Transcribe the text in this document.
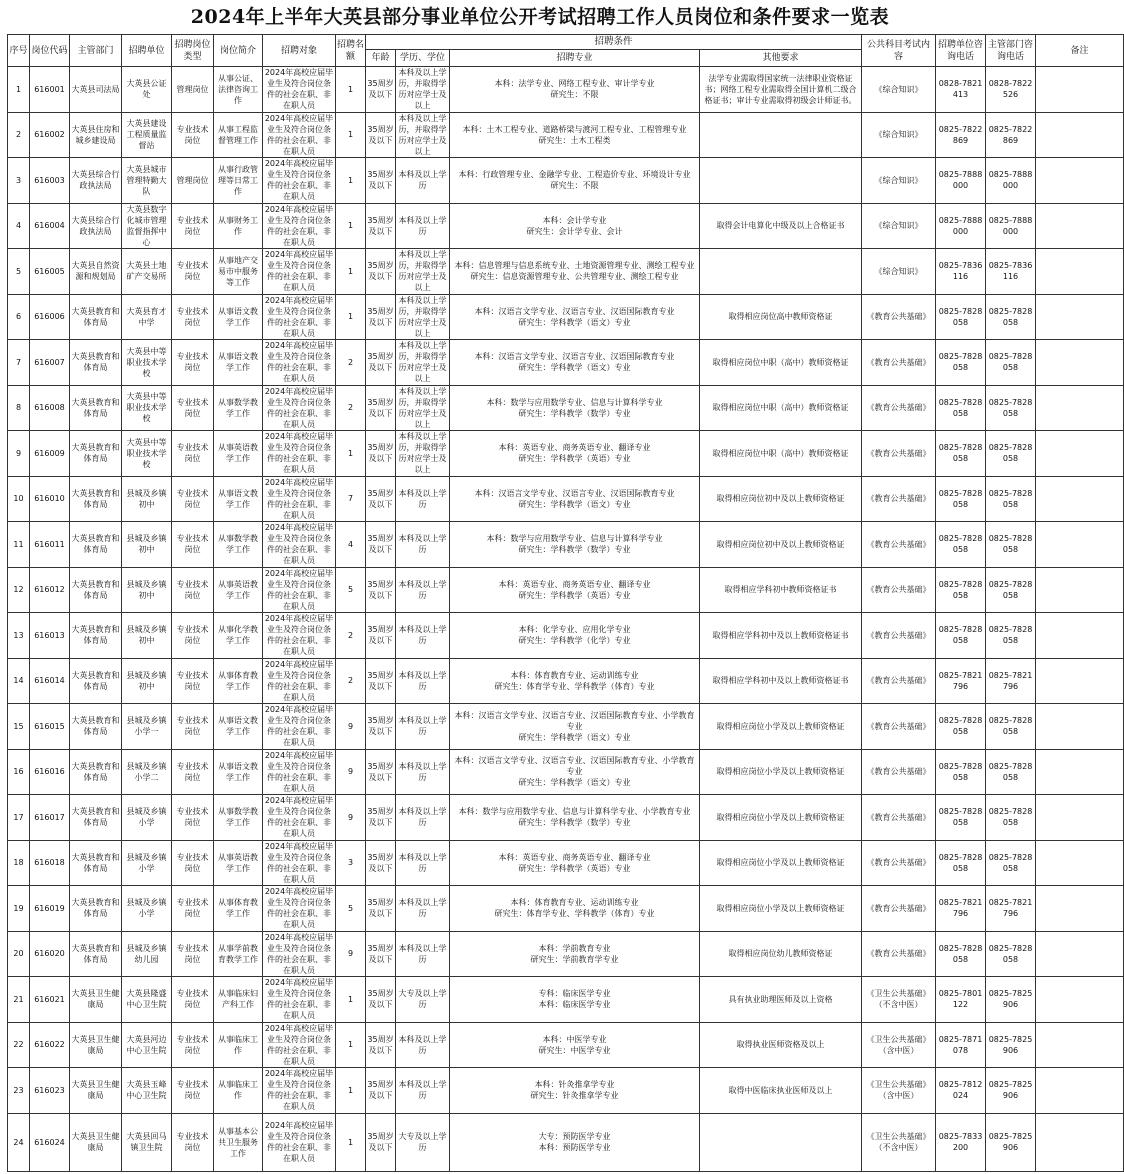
2024年上半年大英县部分事业单位公开考试招聘工作人员岗位和条件要求一览表
序号	岗位代码	主管部门	招聘单位	招聘岗位类型	岗位简介	招聘对象	招聘名额	招聘条件				公共科目考试内容	招聘单位咨询电话	主管部门咨询电话	备注
								年龄	学历、学位	招聘专业	其他要求				
1	616001	大英县司法局	大英县公证处	管理岗位	从事公证、法律咨询工作	2024年高校应届毕业生及符合岗位条件的社会在职、非在职人员	1	35周岁及以下	本科及以上学历，并取得学历对应学士及以上	本科：法学专业、网络工程专业、审计学专业
研究生：不限	法学专业需取得国家统一法律职业资格证书；网络工程专业需取得全国计算机二级合格证书；审计专业需取得初级会计师证书。	《综合知识》	0828-7821413	0828-7822526	
2	616002	大英县住房和城乡建设局	大英县建设工程质量监督站	专业技术岗位	从事工程监督管理工作	2024年高校应届毕业生及符合岗位条件的社会在职、非在职人员	1	35周岁及以下	本科及以上学历，并取得学历对应学士及以上	本科：土木工程专业、道路桥梁与渡河工程专业、工程管理专业
研究生：土木工程类		《综合知识》	0825-7822869	0825-7822869	
3	616003	大英县综合行政执法局	大英县城市管理特勤大队	管理岗位	从事行政管理等日常工作	2024年高校应届毕业生及符合岗位条件的社会在职、非在职人员	1	35周岁及以下	本科及以上学历	本科：行政管理专业、金融学专业、工程造价专业、环境设计专业
研究生：不限		《综合知识》	0825-7888000	0825-7888000	
4	616004	大英县综合行政执法局	大英县数字化城市管理监督指挥中心	专业技术岗位	从事财务工作	2024年高校应届毕业生及符合岗位条件的社会在职、非在职人员	1	35周岁及以下	本科及以上学历	本科：会计学专业
研究生：会计学专业、会计	取得会计电算化中级及以上合格证书	《综合知识》	0825-7888000	0825-7888000	
5	616005	大英县自然资源和规划局	大英县土地矿产交易所	专业技术岗位	从事地产交易市中服务等工作	2024年高校应届毕业生及符合岗位条件的社会在职、非在职人员	1	35周岁及以下	本科及以上学历，并取得学历对应学士及以上	本科：信息管理与信息系统专业、土地资源管理专业、测绘工程专业　研究生：信息资源管理专业、公共管理专业、测绘工程专业		《综合知识》	0825-7836116	0825-7836116	
6	616006	大英县教育和体育局	大英县育才中学	专业技术岗位	从事语文教学工作	2024年高校应届毕业生及符合岗位条件的社会在职、非在职人员	1	35周岁及以下	本科及以上学历，并取得学历对应学士及以上	本科：汉语言文学专业、汉语言专业、汉语国际教育专业
研究生：学科教学（语文）专业	取得相应岗位高中教师资格证	《教育公共基础》	0825-7828058	0825-7828058	
7	616007	大英县教育和体育局	大英县中等职业技术学校	专业技术岗位	从事语文教学工作	2024年高校应届毕业生及符合岗位条件的社会在职、非在职人员	2	35周岁及以下	本科及以上学历，并取得学历对应学士及以上	本科：汉语言文学专业、汉语言专业、汉语国际教育专业
研究生：学科教学（语文）专业	取得相应岗位中职（高中）教师资格证	《教育公共基础》	0825-7828058	0825-7828058	
8	616008	大英县教育和体育局	大英县中等职业技术学校	专业技术岗位	从事数学教学工作	2024年高校应届毕业生及符合岗位条件的社会在职、非在职人员	2	35周岁及以下	本科及以上学历，并取得学历对应学士及以上	本科：数学与应用数学专业、信息与计算科学专业
研究生：学科教学（数学）专业	取得相应岗位中职（高中）教师资格证	《教育公共基础》	0825-7828058	0825-7828058	
9	616009	大英县教育和体育局	大英县中等职业技术学校	专业技术岗位	从事英语教学工作	2024年高校应届毕业生及符合岗位条件的社会在职、非在职人员	1	35周岁及以下	本科及以上学历，并取得学历对应学士及以上	本科：英语专业、商务英语专业、翻译专业
研究生：学科教学（英语）专业	取得相应岗位中职（高中）教师资格证	《教育公共基础》	0825-7828058	0825-7828058	
10	616010	大英县教育和体育局	县城及乡镇初中	专业技术岗位	从事语文教学工作	2024年高校应届毕业生及符合岗位条件的社会在职、非在职人员	7	35周岁及以下	本科及以上学历	本科：汉语言文学专业、汉语言专业、汉语国际教育专业
研究生：学科教学（语文）专业	取得相应岗位初中及以上教师资格证	《教育公共基础》	0825-7828058	0825-7828058	
11	616011	大英县教育和体育局	县城及乡镇初中	专业技术岗位	从事数学教学工作	2024年高校应届毕业生及符合岗位条件的社会在职、非在职人员	4	35周岁及以下	本科及以上学历	本科：数学与应用数学专业、信息与计算科学专业
研究生：学科教学（数学）专业	取得相应岗位初中及以上教师资格证	《教育公共基础》	0825-7828058	0825-7828058	
12	616012	大英县教育和体育局	县城及乡镇初中	专业技术岗位	从事英语教学工作	2024年高校应届毕业生及符合岗位条件的社会在职、非在职人员	5	35周岁及以下	本科及以上学历	本科：英语专业、商务英语专业、翻译专业
研究生：学科教学（英语）专业	取得相应学科初中教师资格证书	《教育公共基础》	0825-7828058	0825-7828058	
13	616013	大英县教育和体育局	县城及乡镇初中	专业技术岗位	从事化学教学工作	2024年高校应届毕业生及符合岗位条件的社会在职、非在职人员	2	35周岁及以下	本科及以上学历	本科：化学专业、应用化学专业
研究生：学科教学（化学）专业	取得相应学科初中及以上教师资格证书	《教育公共基础》	0825-7828058	0825-7828058	
14	616014	大英县教育和体育局	县城及乡镇初中	专业技术岗位	从事体育教学工作	2024年高校应届毕业生及符合岗位条件的社会在职、非在职人员	2	35周岁及以下	本科及以上学历	本科：体育教育专业、运动训练专业
研究生：体育学专业、学科教学（体育）专业	取得相应学科初中及以上教师资格证书	《教育公共基础》	0825-7821796	0825-7821796	
15	616015	大英县教育和体育局	县城及乡镇小学一	专业技术岗位	从事语文教学工作	2024年高校应届毕业生及符合岗位条件的社会在职、非在职人员	9	35周岁及以下	本科及以上学历	本科：汉语言文学专业、汉语言专业、汉语国际教育专业、小学教育专业
研究生：学科教学（语文）专业	取得相应岗位小学及以上教师资格证	《教育公共基础》	0825-7828058	0825-7828058	
16	616016	大英县教育和体育局	县城及乡镇小学二	专业技术岗位	从事语文教学工作	2024年高校应届毕业生及符合岗位条件的社会在职、非在职人员	9	35周岁及以下	本科及以上学历	本科：汉语言文学专业、汉语言专业、汉语国际教育专业、小学教育专业
研究生：学科教学（语文）专业	取得相应岗位小学及以上教师资格证	《教育公共基础》	0825-7828058	0825-7828058	
17	616017	大英县教育和体育局	县城及乡镇小学	专业技术岗位	从事数学教学工作	2024年高校应届毕业生及符合岗位条件的社会在职、非在职人员	9	35周岁及以下	本科及以上学历	本科：数学与应用数学专业、信息与计算科学专业、小学教育专业
研究生：学科教学（数学）专业	取得相应岗位小学及以上教师资格证	《教育公共基础》	0825-7828058	0825-7828058	
18	616018	大英县教育和体育局	县城及乡镇小学	专业技术岗位	从事英语教学工作	2024年高校应届毕业生及符合岗位条件的社会在职、非在职人员	3	35周岁及以下	本科及以上学历	本科：英语专业、商务英语专业、翻译专业
研究生：学科教学（英语）专业	取得相应岗位小学及以上教师资格证	《教育公共基础》	0825-7828058	0825-7828058	
19	616019	大英县教育和体育局	县城及乡镇小学	专业技术岗位	从事体育教学工作	2024年高校应届毕业生及符合岗位条件的社会在职、非在职人员	5	35周岁及以下	本科及以上学历	本科：体育教育专业、运动训练专业
研究生：体育学专业、学科教学（体育）专业	取得相应岗位小学及以上教师资格证	《教育公共基础》	0825-7821796	0825-7821796	
20	616020	大英县教育和体育局	县城及乡镇幼儿园	专业技术岗位	从事学前教育教学工作	2024年高校应届毕业生及符合岗位条件的社会在职、非在职人员	9	35周岁及以下	本科及以上学历	本科：学前教育专业
研究生：学前教育学专业	取得相应岗位幼儿教师资格证	《教育公共基础》	0825-7828058	0825-7828058	
21	616021	大英县卫生健康局	大英县隆盛中心卫生院	专业技术岗位	从事临床妇产科工作	2024年高校应届毕业生及符合岗位条件的社会在职、非在职人员	1	35周岁及以下	大专及以上学历	专科：临床医学专业
本科：临床医学专业	具有执业助理医师及以上资格	《卫生公共基础》（不含中医）	0825-7801122	0825-7825906	
22	616022	大英县卫生健康局	大英县河边中心卫生院	专业技术岗位	从事临床工作	2024年高校应届毕业生及符合岗位条件的社会在职、非在职人员	1	35周岁及以下	本科及以上学历	本科：中医学专业
研究生：中医学专业	取得执业医师资格及以上	《卫生公共基础》（含中医）	0825-7871078	0825-7825906	
23	616023	大英县卫生健康局	大英县玉峰中心卫生院	专业技术岗位	从事临床工作	2024年高校应届毕业生及符合岗位条件的社会在职、非在职人员	1	35周岁及以下	本科及以上学历	本科：针灸推拿学专业
研究生：针灸推拿学专业	取得中医临床执业医师及以上	《卫生公共基础》（含中医）	0825-7812024	0825-7825906	
24	616024	大英县卫生健康局	大英县回马镇卫生院	专业技术岗位	从事基本公共卫生服务工作	2024年高校应届毕业生及符合岗位条件的社会在职、非在职人员	1	35周岁及以下	大专及以上学历	大专：预防医学专业
本科：预防医学专业		《卫生公共基础》（不含中医）	0825-7833200	0825-7825906	
